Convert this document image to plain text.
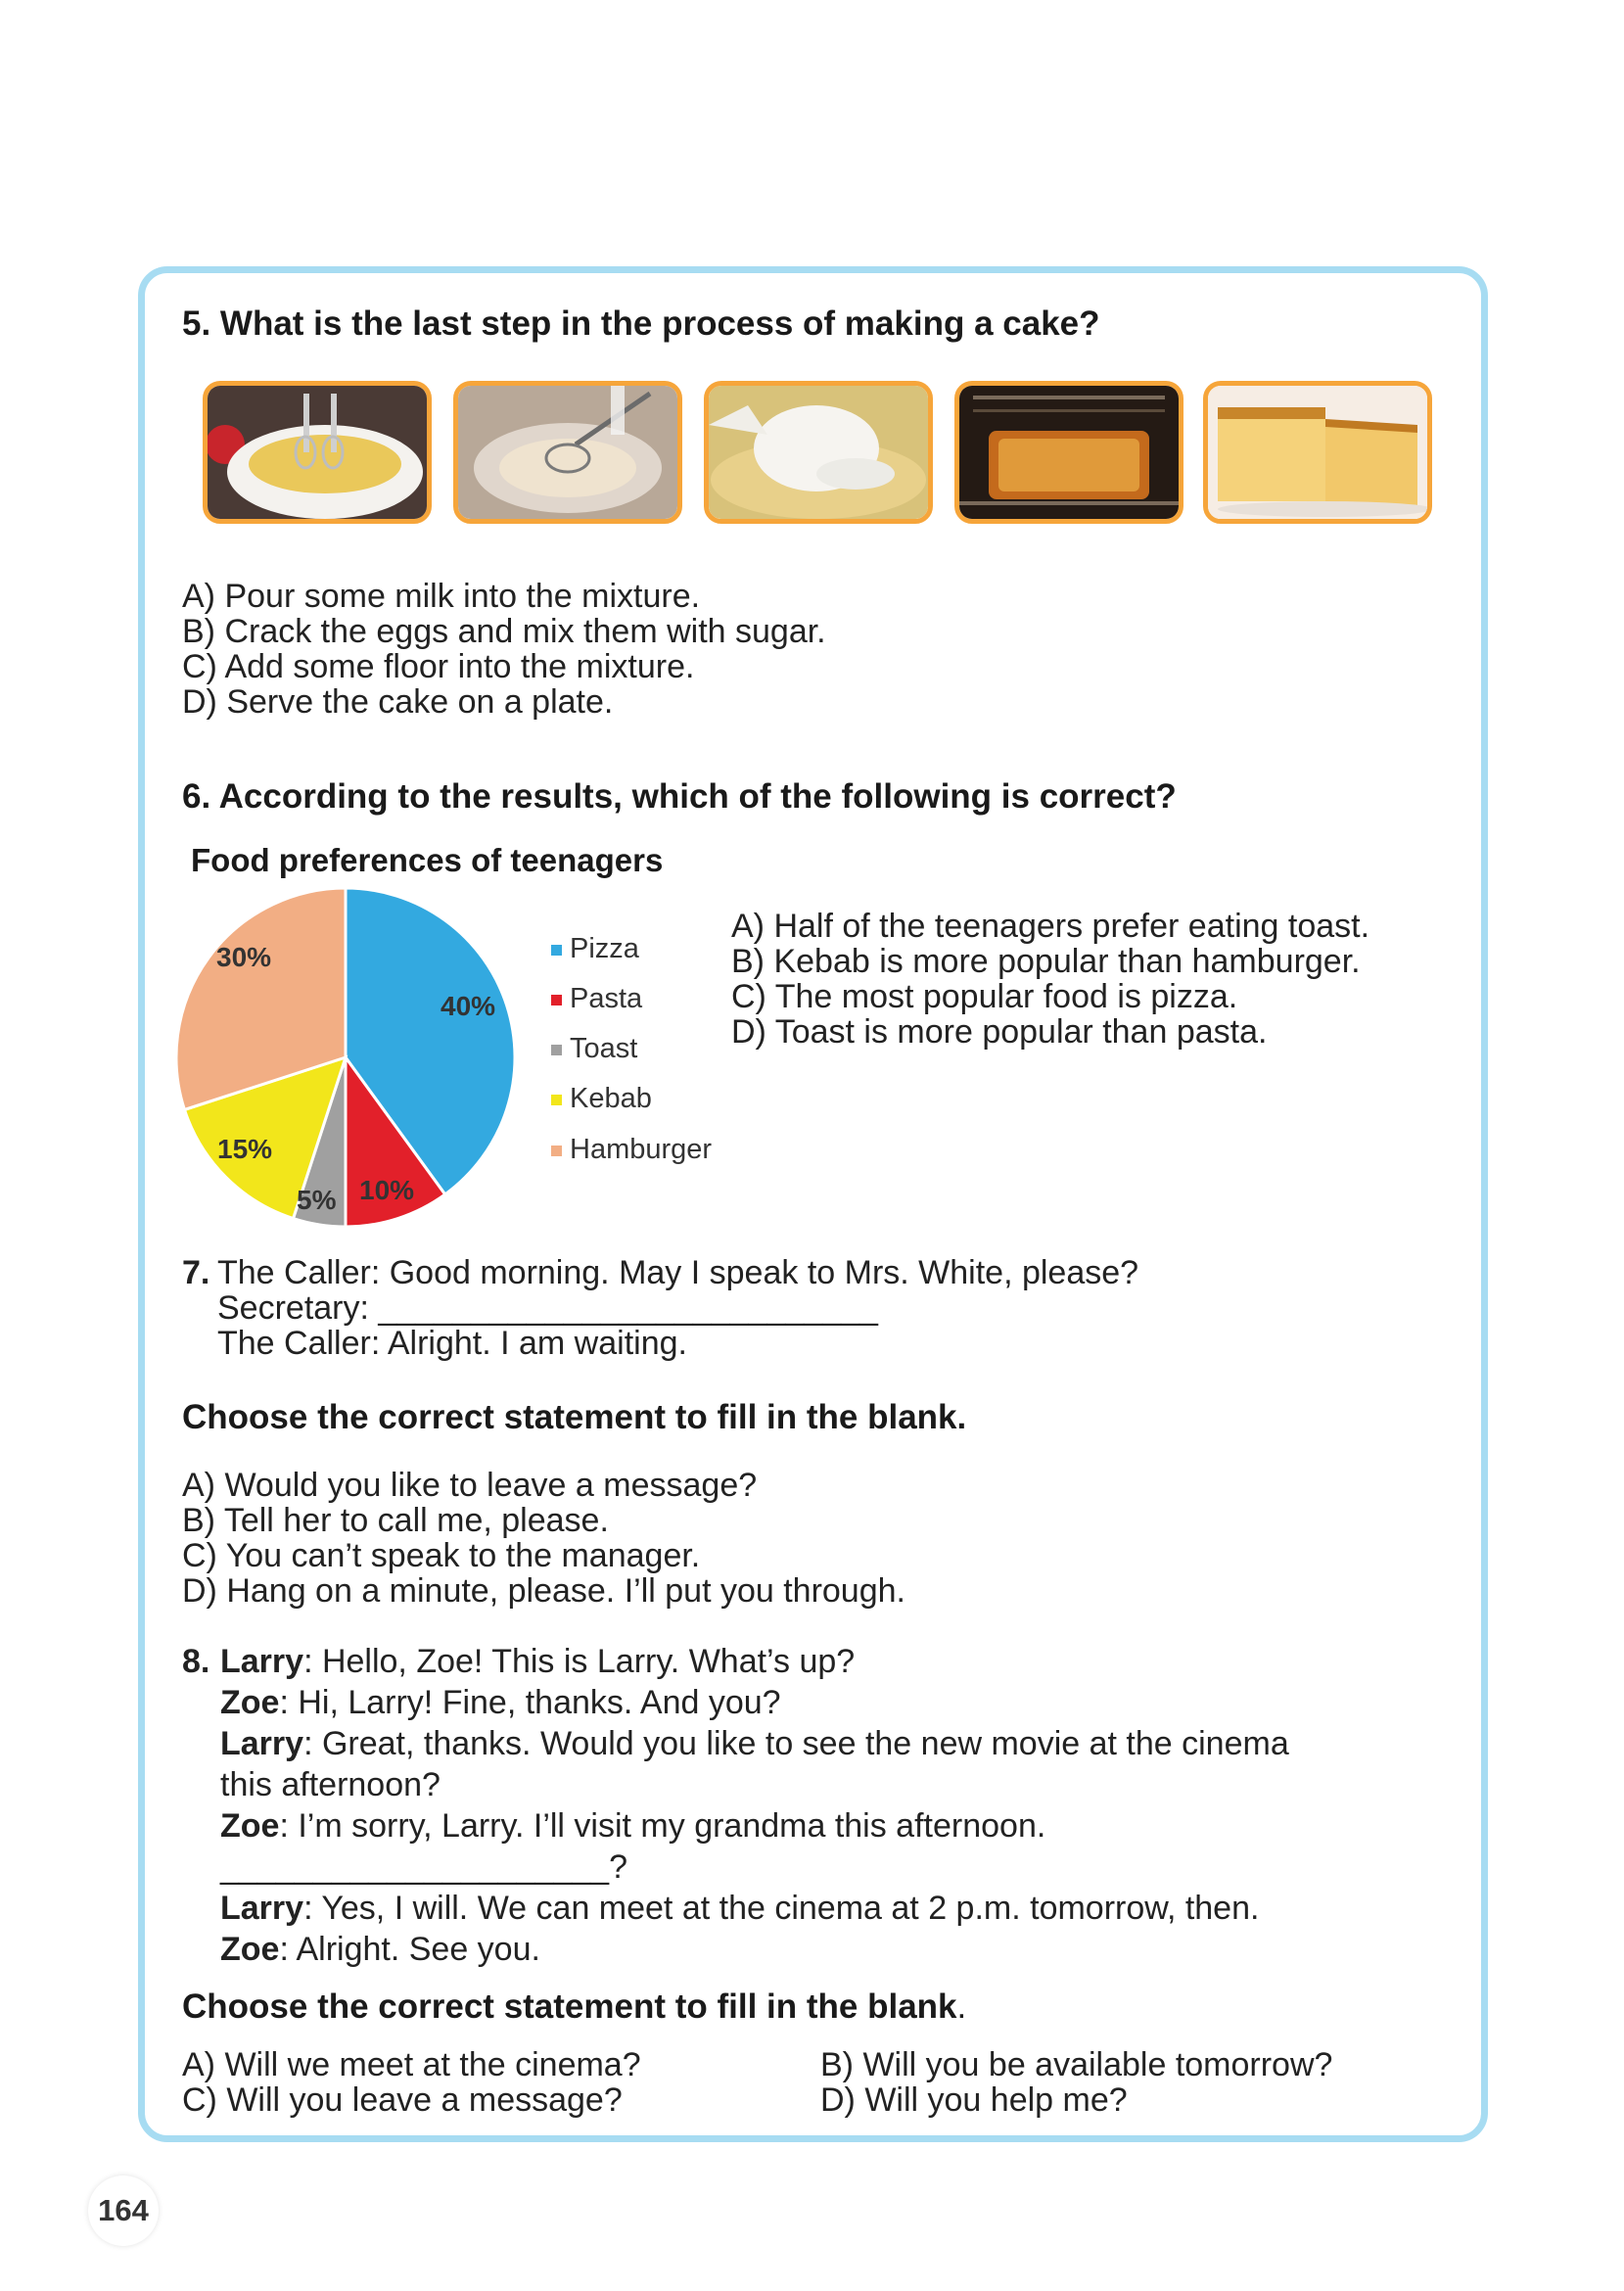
5. What is the last step in the process of making a cake?
A) Pour some milk into the mixture.
B) Crack the eggs and mix them with sugar.
C) Add some floor into the mixture.
D) Serve the cake on a plate.
6. According to the results, which of the following is correct?
Food preferences of teenagers
40%
10%
5%
15%
30%	Pizza
Pasta
Toast
Kebab
Hamburger
A) Half of the teenagers prefer eating toast.
B) Kebab is more popular than hamburger.
C) The most popular food is pizza.
D) Toast is more popular than pasta.
7. The Caller: Good morning. May I speak to Mrs. White, please?
Secretary: ___________________________
The Caller: Alright. I am waiting.
Choose the correct statement to fill in the blank.
A) Would you like to leave a message?
B) Tell her to call me, please.
C) You can’t speak to the manager.
D) Hang on a minute, please. I’ll put you through.
8. Larry: Hello, Zoe! This is Larry. What’s up?
Zoe: Hi, Larry! Fine, thanks. And you?
Larry: Great, thanks. Would you like to see the new movie at the cinema
this afternoon?
Zoe: I’m sorry, Larry. I’ll visit my grandma this afternoon.
_____________________?
Larry: Yes, I will. We can meet at the cinema at 2 p.m. tomorrow, then.
Zoe: Alright. See you.
Choose the correct statement to fill in the blank.
A) Will we meet at the cinema?	B) Will you be available tomorrow?
C) Will you leave a message?	D) Will you help me?
164
